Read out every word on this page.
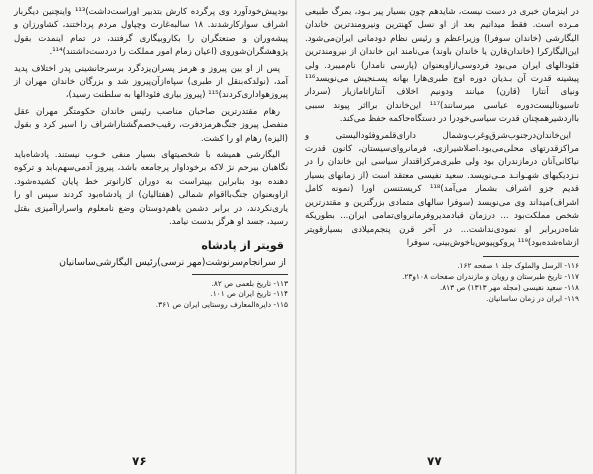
بودپیش‌خودآورد وی‌ پرگرده کارش بتدبیر اوراست‌داشت)¹¹³ واینچنین دیگربار اشراف سوارکارشدند. ۱۸ سالبه‌غارت وچپاول مردم پرداختند، کشاورزان و پیشه‌وران و صنعتگران را بکاروبیگاری گرفتند، در تمام اینمدت بقول پژوهشگران‌شوروی (اعیان زمام امور مملکت را دردست‌داشتند)¹¹⁴.

پس از او بین پیروز و هرمز پسران‌یزدگرد برسرجانشینی پدر اختلاف پدید آمد، (نولدکه‌بنقل از طبری) سپاه‌ازآن‌پیروز شد و بزرگان خاندان مهران از پیروزهواداری‌کردند)¹¹⁵ (پیروز بیاری فئودالها به سلطنت رسید)،

رهام مقتدرترین صاحبان مناصب رئیس خاندان حکومتگر مهران‌ عقل‌ منفصل پیروز جنگ‌هرمز‌دفرت، رقیب‌خصم‌گشتار‌اشراف را اسیر کرد و بقول (الیزه) رهام او را کشت.

الیگارشی همیشه با شخصیتهای بسیار منفی خـوب نیستند. پادشاه‌باید نگاهبان بیرحم نژ لاکه بر‌خوداوار پرجامعه باشد، پیروز آدمی‌سهم‌بابد و ترکوه دهنده بود بنابراین بپیتراست به دوران‌ کارانوتر خط پایان کشیده‌شود. ازاوبعنوان جنگ‌با‌اقوام شمالی (هفتالیان) از پادشاه‌بود کردند سپس او را یاری‌نکردند، در برابر دشمن یا‌هم‌دوستان وضع نامعلوم واسراراآمیزی بقتل‌ رسید، جسد او هرگز بدست نیامد.

قویتر از پادشاه
از سرانجام‌سرنوشت(مهر نرسی)رئیس الیگارشی‌ساسانیان
۱۱۳- تاریخ بلعمی ص ۸۲.
۱۱۴- تاریخ ایران ص ۱۰۱.
۱۱۵- دایرةالمعارف روستایی ایران ص ۳۶۱.
۷۶

در اینزمان خبری در دست نیست، شایدهم چون بسیار پیر بـود، بمرگ طبیعی مـرده است. فقط میدانیم بعد از او نسل کهنترین ونیرومندترین خاندان الیگارشی (خاندان سوفرا) وزیراعظم و رئیس نظام دودمانی ایران‌می‌شود. این‌الیگارکرا (خاندان‌قارن یا خاندان باوند) می‌نامند این خاندان از نیرومندترین فئودالهای ایران می‌بود فردوسی‌ازاوبعنوان (پارسی نامدار) نام‌میبرد. ولی پیشینه قدرت آن بـدیان دوره اوج طبری‌هارا بهانه پسـنجیش می‌نویسد¹¹⁶ ونیای آنتارا (قارن) میانند ودونیم اخلاف آنتارا‌تامازیار (سردار تاسیونالیست‌دوره عباسی میرسانند)¹¹⁷ این‌خاندان برااثر پیوند سببی بااردشیر‌همچنان قدرت سیاسی‌خودرا در دستگاه‌حاکمه حفظ می‌کند.

این‌خاندان‌درجنوب‌شرق‌وغرب‌وشمال دارای‌قلمروفئودالیستی و مراکزقدرتهای محلی‌می‌بود.اصلاشیرازی، فرمانروای‌سیستان، کانون قدرت نیاکانی‌آنان درمازندران بود ولی طبری‌مرکزاقتدار سیاسی این خاندان را در نـزدیکیهای شهـوانـد مـی‌نویسد. سعید نفیسی معتقد است (از زمانهای بسیار قدیم جزو اشراف بشمار می‌آمد)¹¹⁸ کریستنسن اورا (نمونه کامل اشراف)میداند وی می‌نویسد (سوفرا سالهای متمادی بزرگترین و مقتدرترین شخص مملکت‌بود ... درزمان قبادمدیروفرمانروای‌تمامی ایران... بطوریکه شاه‌دربرابر او نمودی‌نداشت... در آخر قرن پنجم‌میلادی بسیارقویتر ازشاه‌شده‌بود)¹¹⁹ پروکوپیوس‌باخوش‌بینی، سوفرا

۱۱۶- الرسل والملوک جلد ۱ صفحه ۱۶۲.
۱۱۷- تاریخ طبرستان و رویان و مازندران صفحات ۱۰۸و۲۳.
۱۱۸- سعید نفیسی (مجله مهر ۱۳۱۳) ص ۸۱۳.
۱۱۹- ایران در زمان ساسانیان.
۷۷
